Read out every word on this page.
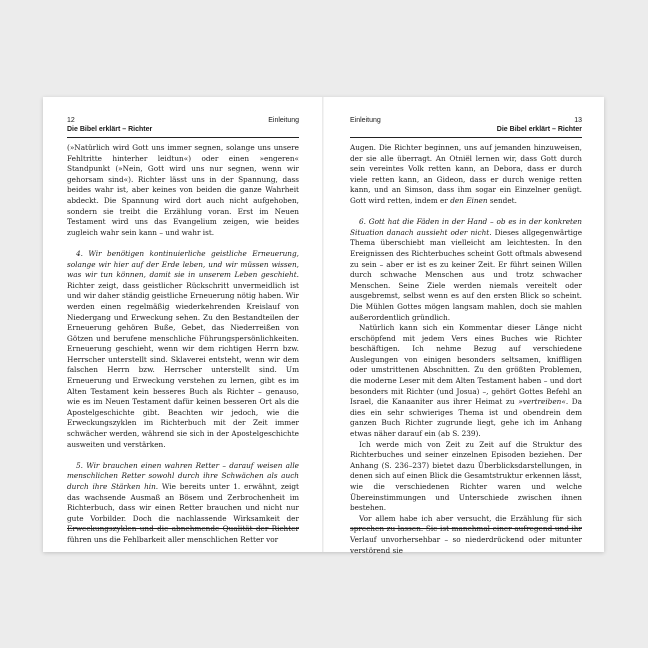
12	Einleitung
Die Bibel erklärt – Richter

(»Natürlich wird Gott uns immer segnen, solange uns unsere Fehltritte hinterher leidtun«) oder einen »engeren« Standpunkt (»Nein, Gott wird uns nur segnen, wenn wir gehorsam sind«). Richter lässt uns in der Spannung, dass beides wahr ist, aber keines von beiden die ganze Wahrheit abdeckt. Die Spannung wird dort auch nicht aufgehoben, sondern sie treibt die Erzählung voran. Erst im Neuen Testament wird uns das Evangelium zeigen, wie beides zugleich wahr sein kann – und wahr ist.

4. Wir benötigen kontinuierliche geistliche Erneuerung, solange wir hier auf der Erde leben, und wir müssen wissen, was wir tun können, damit sie in unserem Leben geschieht. Richter zeigt, dass geistlicher Rückschritt unvermeidlich ist und wir daher ständig geistliche Erneuerung nötig haben. Wir werden einen regelmäßig wiederkehrenden Kreislauf von Niedergang und Erweckung sehen. Zu den Bestandteilen der Erneuerung gehören Buße, Gebet, das Niederreißen von Götzen und berufene menschliche Führungspersönlichkeiten. Erneuerung geschieht, wenn wir dem richtigen Herrn bzw. Herrscher unterstellt sind. Sklaverei entsteht, wenn wir dem falschen Herrn bzw. Herrscher unterstellt sind. Um Erneuerung und Erweckung verstehen zu lernen, gibt es im Alten Testament kein besseres Buch als Richter – genauso, wie es im Neuen Testament dafür keinen besseren Ort als die Apostelgeschichte gibt. Beachten wir jedoch, wie die Erweckungszyklen im Richterbuch mit der Zeit immer schwächer werden, während sie sich in der Apostelgeschichte ausweiten und verstärken.

5. Wir brauchen einen wahren Retter – darauf weisen alle menschlichen Retter sowohl durch ihre Schwächen als auch durch ihre Stärken hin. Wie bereits unter 1. erwähnt, zeigt das wachsende Ausmaß an Bösem und Zerbrochenheit im Richterbuch, dass wir einen Retter brauchen und nicht nur gute Vorbilder. Doch die nachlassende Wirksamkeit der Erweckungszyklen und die abnehmende Qualität der Richter führen uns die Fehlbarkeit aller menschlichen Retter vor

Einleitung	13
Die Bibel erklärt – Richter

Augen. Die Richter beginnen, uns auf jemanden hinzuweisen, der sie alle überragt. An Otniël lernen wir, dass Gott durch sein vereintes Volk retten kann, an Debora, dass er durch viele retten kann, an Gideon, dass er durch wenige retten kann, und an Simson, dass ihm sogar ein Einzelner genügt. Gott wird retten, indem er den Einen sendet.

6. Gott hat die Fäden in der Hand – ob es in der konkreten Situation danach aussieht oder nicht. Dieses allgegenwärtige Thema überschiebt man vielleicht am leichtesten. In den Ereignissen des Richterbuches scheint Gott oftmals abwesend zu sein – aber er ist es zu keiner Zeit. Er führt seinen Willen durch schwache Menschen aus und trotz schwacher Menschen. Seine Ziele werden niemals vereitelt oder ausgebremst, selbst wenn es auf den ersten Blick so scheint. Die Mühlen Gottes mögen langsam mahlen, doch sie mahlen außerordentlich gründlich.

Natürlich kann sich ein Kommentar dieser Länge nicht erschöpfend mit jedem Vers eines Buches wie Richter beschäftigen. Ich nehme Bezug auf verschiedene Auslegungen von einigen besonders seltsamen, kniffligen oder umstrittenen Abschnitten. Zu den größten Problemen, die moderne Leser mit dem Alten Testament haben – und dort besonders mit Richter (und Josua) –, gehört Gottes Befehl an Israel, die Kanaaniter aus ihrer Heimat zu »vertreiben«. Da dies ein sehr schwieriges Thema ist und obendrein dem ganzen Buch Richter zugrunde liegt, gehe ich im Anhang etwas näher darauf ein (ab S. 239).

Ich werde mich von Zeit zu Zeit auf die Struktur des Richterbuches und seiner einzelnen Episoden beziehen. Der Anhang (S. 236–237) bietet dazu Überblicksdarstellungen, in denen sich auf einen Blick die Gesamtstruktur erkennen lässt, wie die verschiedenen Richter waren und welche Übereinstimmungen und Unterschiede zwischen ihnen bestehen.

Vor allem habe ich aber versucht, die Erzählung für sich sprechen zu lassen. Sie ist manchmal einer aufregend und ihr Verlauf unvorhersehbar – so niederdrückend oder mitunter verstörend sie
